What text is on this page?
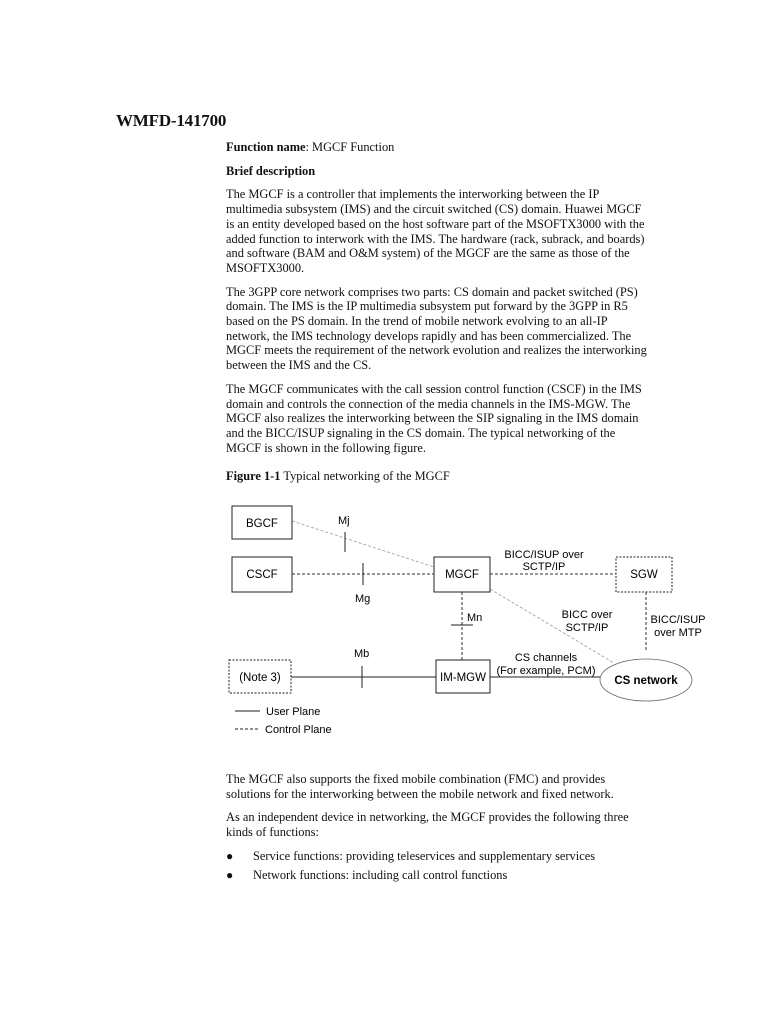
WMFD-141700

Function name: MGCF Function

Brief description

The MGCF is a controller that implements the interworking between the IP multimedia subsystem (IMS) and the circuit switched (CS) domain. Huawei MGCF is an entity developed based on the host software part of the MSOFTX3000 with the added function to interwork with the IMS. The hardware (rack, subrack, and boards) and software (BAM and O&M system) of the MGCF are the same as those of the MSOFTX3000.

The 3GPP core network comprises two parts: CS domain and packet switched (PS) domain. The IMS is the IP multimedia subsystem put forward by the 3GPP in R5 based on the PS domain. In the trend of mobile network evolving to an all-IP network, the IMS technology develops rapidly and has been commercialized. The MGCF meets the requirement of the network evolution and realizes the interworking between the IMS and the CS.

The MGCF communicates with the call session control function (CSCF) in the IMS domain and controls the connection of the media channels in the IMS-MGW. The MGCF also realizes the interworking between the SIP signaling in the IMS domain and the BICC/ISUP signaling in the CS domain. The typical networking of the MGCF is shown in the following figure.

Figure 1-1 Typical networking of the MGCF

BGCF
CSCF	MGCF	SGW
(Note 3)	IM-MGW	CS network
Mj
Mg
Mn
Mb
BICC/ISUP over
SCTP/IP
BICC over
SCTP/IP
BICC/ISUP
over MTP
CS channels
(For example, PCM)
User Plane
Control Plane

The MGCF also supports the fixed mobile combination (FMC) and provides solutions for the interworking between the mobile network and fixed network.

As an independent device in networking, the MGCF provides the following three kinds of functions:

● Service functions: providing teleservices and supplementary services
● Network functions: including call control functions
